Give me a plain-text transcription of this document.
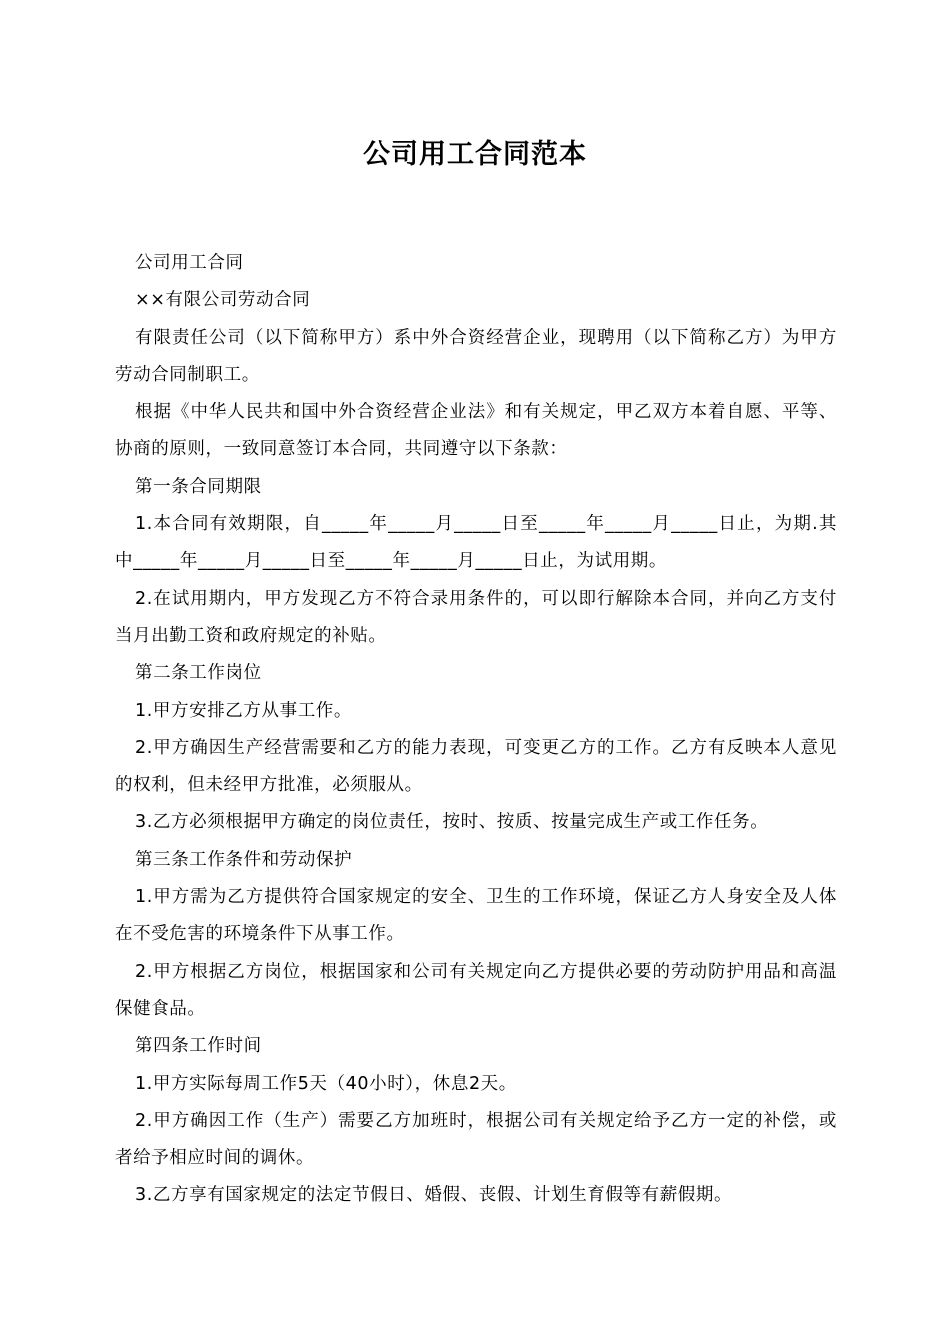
公司用工合同范本

公司用工合同

××有限公司劳动合同

有限责任公司（以下简称甲方）系中外合资经营企业，现聘用（以下简称乙方）为甲方劳动合同制职工。

根据《中华人民共和国中外合资经营企业法》和有关规定，甲乙双方本着自愿、平等、协商的原则，一致同意签订本合同，共同遵守以下条款：

第一条合同期限

1.本合同有效期限，自_____年_____月_____日至_____年_____月_____日止，为期.其中_____年_____月_____日至_____年_____月_____日止，为试用期。

2.在试用期内，甲方发现乙方不符合录用条件的，可以即行解除本合同，并向乙方支付当月出勤工资和政府规定的补贴。

第二条工作岗位

1.甲方安排乙方从事工作。

2.甲方确因生产经营需要和乙方的能力表现，可变更乙方的工作。乙方有反映本人意见的权利，但未经甲方批准，必须服从。

3.乙方必须根据甲方确定的岗位责任，按时、按质、按量完成生产或工作任务。

第三条工作条件和劳动保护

1.甲方需为乙方提供符合国家规定的安全、卫生的工作环境，保证乙方人身安全及人体在不受危害的环境条件下从事工作。

2.甲方根据乙方岗位，根据国家和公司有关规定向乙方提供必要的劳动防护用品和高温保健食品。

第四条工作时间

1.甲方实际每周工作5天（40小时），休息2天。

2.甲方确因工作（生产）需要乙方加班时，根据公司有关规定给予乙方一定的补偿，或者给予相应时间的调休。

3.乙方享有国家规定的法定节假日、婚假、丧假、计划生育假等有薪假期。
